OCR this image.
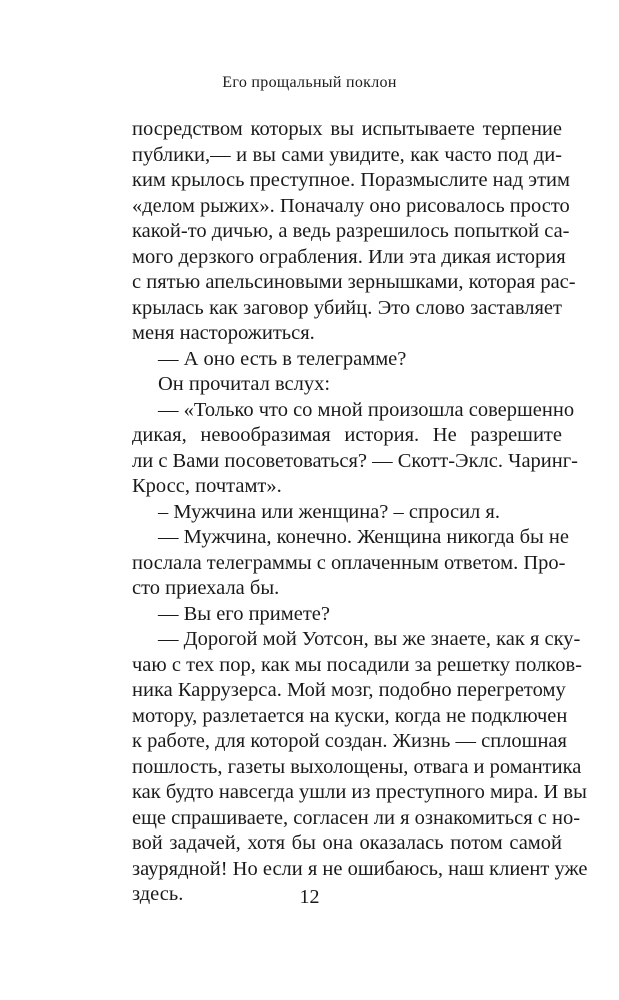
Его прощальный поклон
посредством которых вы испытываете терпение
публики,— и вы сами увидите, как часто под ди-
ким крылось преступное. Поразмыслите над этим
«делом рыжих». Поначалу оно рисовалось просто
какой-то дичью, а ведь разрешилось попыткой са-
мого дерзкого ограбления. Или эта дикая история
с пятью апельсиновыми зернышками, которая рас-
крылась как заговор убийц. Это слово заставляет
меня насторожиться.
— А оно есть в телеграмме?
Он прочитал вслух:
— «Только что со мной произошла совершенно
дикая, невообразимая история. Не разрешите
ли с Вами посоветоваться? — Скотт-Эклс. Чаринг-
Кросс, почтамт».
– Мужчина или женщина? – спросил я.
— Мужчина, конечно. Женщина никогда бы не
послала телеграммы с оплаченным ответом. Про-
сто приехала бы.
— Вы его примете?
— Дорогой мой Уотсон, вы же знаете, как я ску-
чаю с тех пор, как мы посадили за решетку полков-
ника Каррузерса. Мой мозг, подобно перегретому
мотору, разлетается на куски, когда не подключен
к работе, для которой создан. Жизнь — сплошная
пошлость, газеты выхолощены, отвага и романтика
как будто навсегда ушли из преступного мира. И вы
еще спрашиваете, согласен ли я ознакомиться с но-
вой задачей, хотя бы она оказалась потом самой
заурядной! Но если я не ошибаюсь, наш клиент уже
здесь.	12
